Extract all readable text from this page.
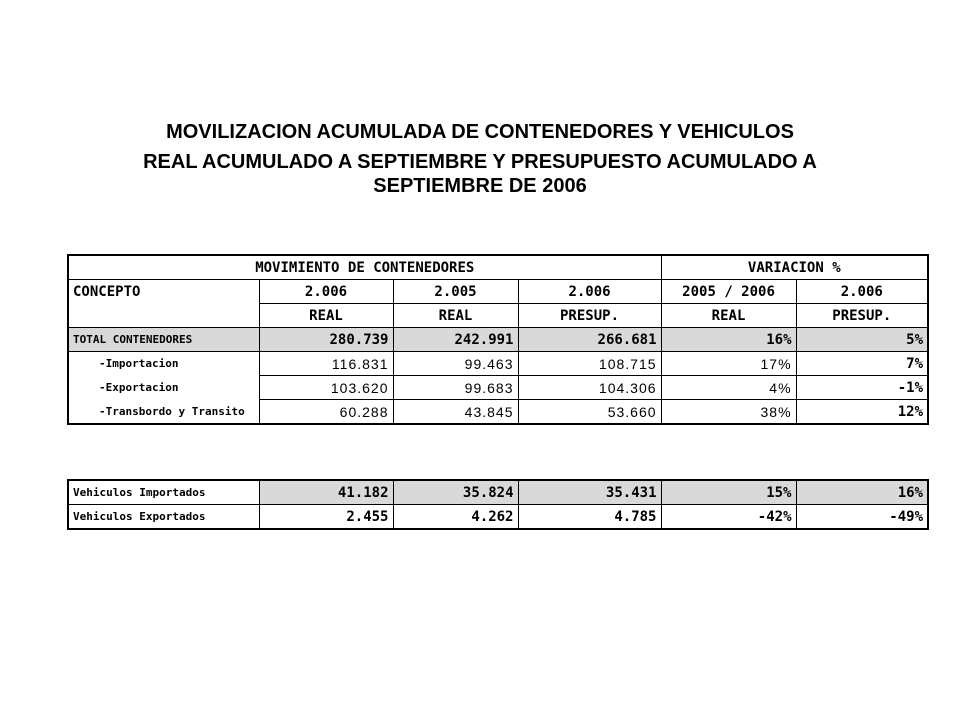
MOVILIZACION ACUMULADA DE CONTENEDORES Y VEHICULOS
REAL ACUMULADO A SEPTIEMBRE Y PRESUPUESTO ACUMULADO A SEPTIEMBRE DE 2006
MOVIMIENTO DE CONTENEDORES				VARIACION %	
CONCEPTO	2.006	2.005	2.006	2005 / 2006	2.006
	REAL	REAL	PRESUP.	REAL	PRESUP.
TOTAL CONTENEDORES	280.739	242.991	266.681	16%	5%
-Importacion	116.831	99.463	108.715	17%	7%
-Exportacion	103.620	99.683	104.306	4%	-1%
-Transbordo y Transito	60.288	43.845	53.660	38%	12%
Vehiculos Importados	41.182	35.824	35.431	15%	16%
Vehiculos Exportados	2.455	4.262	4.785	-42%	-49%
